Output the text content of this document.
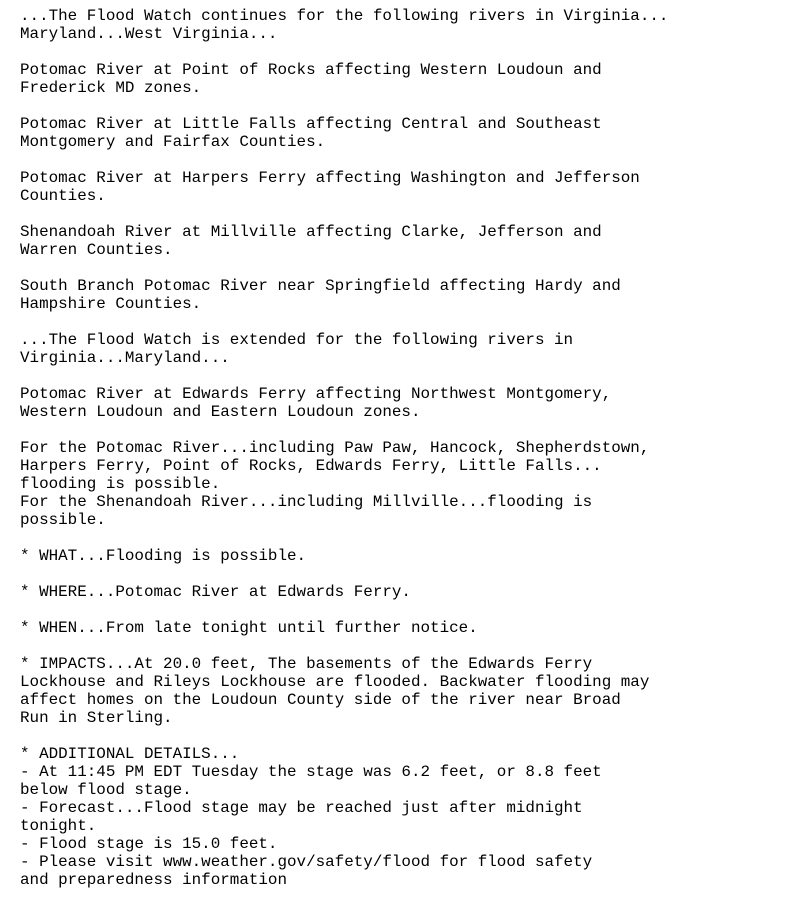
...The Flood Watch continues for the following rivers in Virginia...
Maryland...West Virginia...
Potomac River at Point of Rocks affecting Western Loudoun and
Frederick MD zones.
Potomac River at Little Falls affecting Central and Southeast
Montgomery and Fairfax Counties.
Potomac River at Harpers Ferry affecting Washington and Jefferson
Counties.
Shenandoah River at Millville affecting Clarke, Jefferson and
Warren Counties.
South Branch Potomac River near Springfield affecting Hardy and
Hampshire Counties.
...The Flood Watch is extended for the following rivers in
Virginia...Maryland...
Potomac River at Edwards Ferry affecting Northwest Montgomery,
Western Loudoun and Eastern Loudoun zones.
For the Potomac River...including Paw Paw, Hancock, Shepherdstown,
Harpers Ferry, Point of Rocks, Edwards Ferry, Little Falls...
flooding is possible.
For the Shenandoah River...including Millville...flooding is
possible.
* WHAT...Flooding is possible.
* WHERE...Potomac River at Edwards Ferry.
* WHEN...From late tonight until further notice.
* IMPACTS...At 20.0 feet, The basements of the Edwards Ferry
Lockhouse and Rileys Lockhouse are flooded. Backwater flooding may
affect homes on the Loudoun County side of the river near Broad
Run in Sterling.
* ADDITIONAL DETAILS...
- At 11:45 PM EDT Tuesday the stage was 6.2 feet, or 8.8 feet
below flood stage.
- Forecast...Flood stage may be reached just after midnight
tonight.
- Flood stage is 15.0 feet.
- Please visit www.weather.gov/safety/flood for flood safety
and preparedness information
